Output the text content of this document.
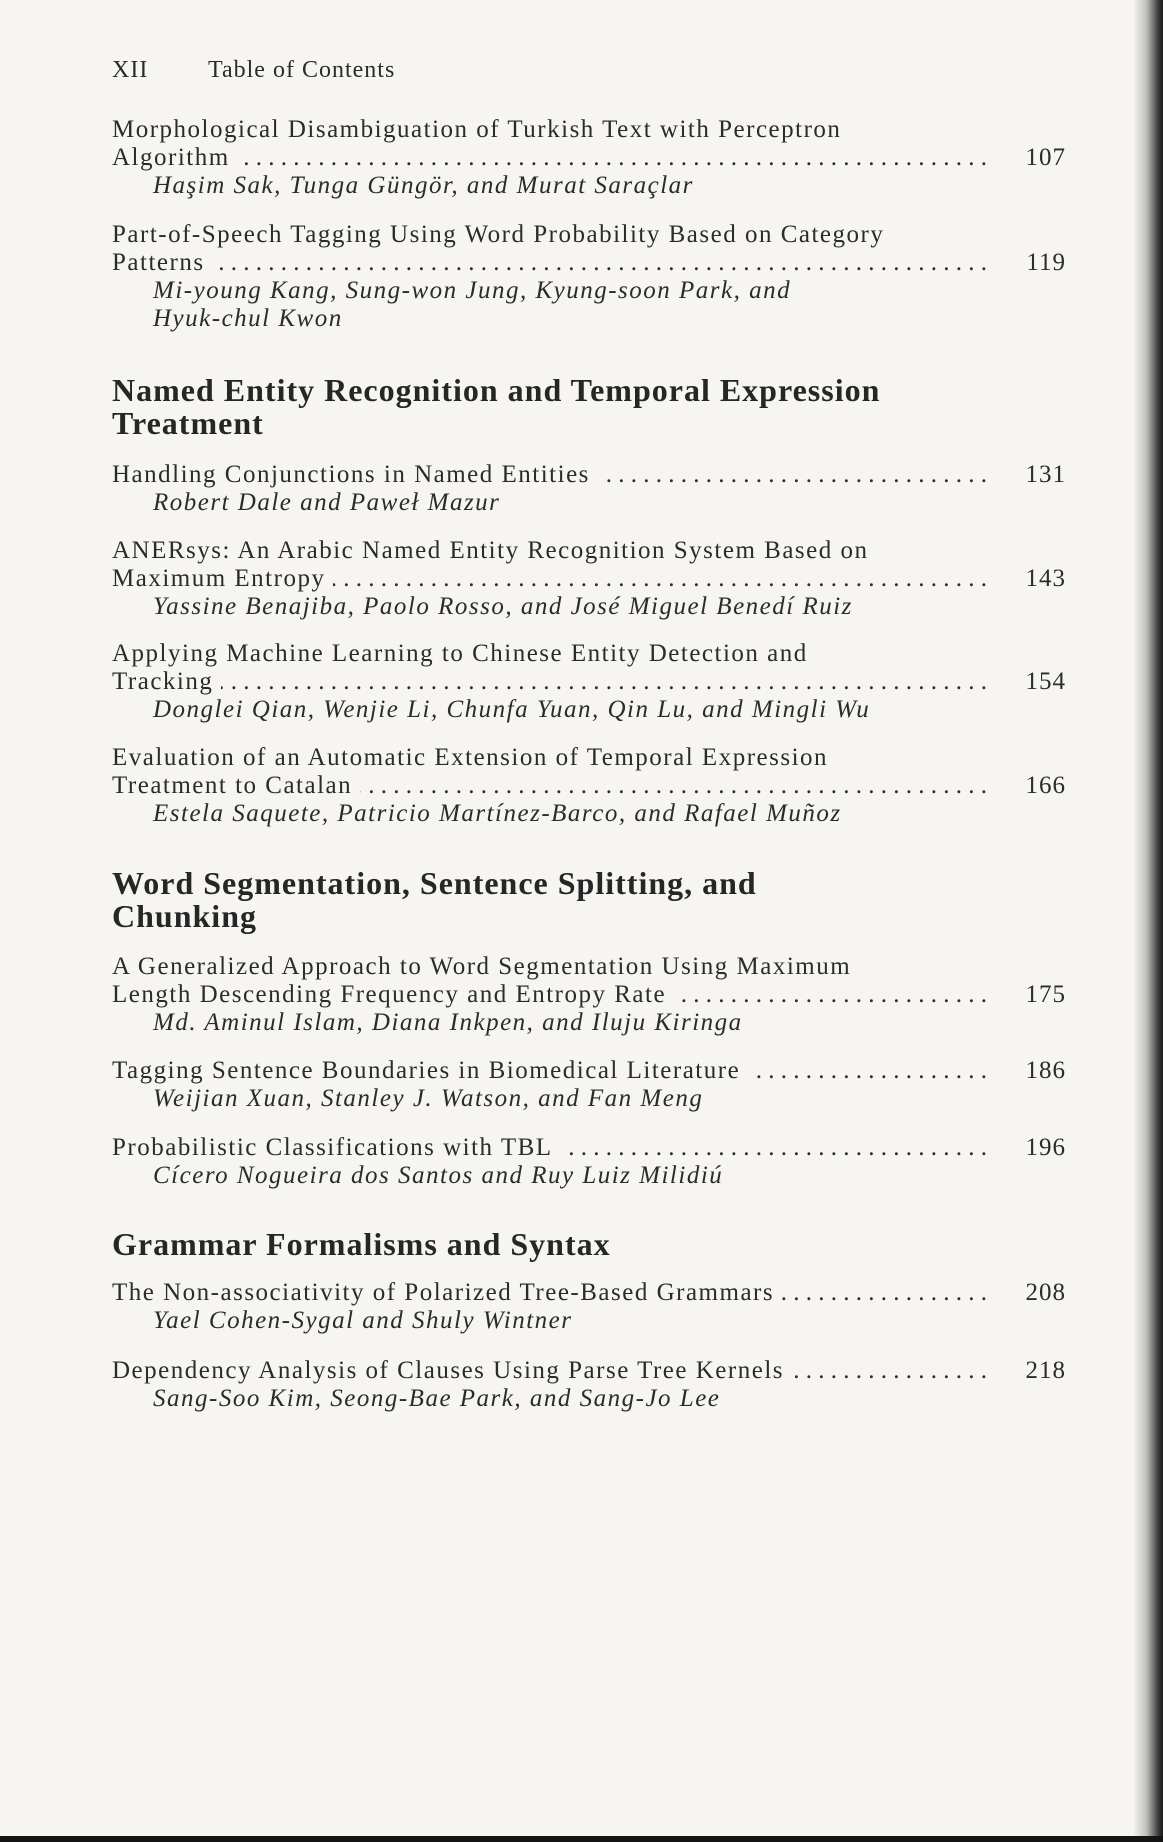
XII Table of Contents
Morphological Disambiguation of Turkish Text with Perceptron
Algorithm . . .	107
Haşim Sak, Tunga Güngör, and Murat Saraçlar
Part-of-Speech Tagging Using Word Probability Based on Category
Patterns . . .	119
Mi-young Kang, Sung-won Jung, Kyung-soon Park, and
Hyuk-chul Kwon
Named Entity Recognition and Temporal Expression
Treatment
Handling Conjunctions in Named Entities . . .	131
Robert Dale and Paweł Mazur
ANERsys: An Arabic Named Entity Recognition System Based on
Maximum Entropy . . .	143
Yassine Benajiba, Paolo Rosso, and José Miguel Benedí Ruiz
Applying Machine Learning to Chinese Entity Detection and
Tracking . . .	154
Donglei Qian, Wenjie Li, Chunfa Yuan, Qin Lu, and Mingli Wu
Evaluation of an Automatic Extension of Temporal Expression
Treatment to Catalan . . .	166
Estela Saquete, Patricio Martínez-Barco, and Rafael Muñoz
Word Segmentation, Sentence Splitting, and
Chunking
A Generalized Approach to Word Segmentation Using Maximum
Length Descending Frequency and Entropy Rate . . .	175
Md. Aminul Islam, Diana Inkpen, and Iluju Kiringa
Tagging Sentence Boundaries in Biomedical Literature . . .	186
Weijian Xuan, Stanley J. Watson, and Fan Meng
Probabilistic Classifications with TBL . . .	196
Cícero Nogueira dos Santos and Ruy Luiz Milidiú
Grammar Formalisms and Syntax
The Non-associativity of Polarized Tree-Based Grammars . . .	208
Yael Cohen-Sygal and Shuly Wintner
Dependency Analysis of Clauses Using Parse Tree Kernels . . .	218
Sang-Soo Kim, Seong-Bae Park, and Sang-Jo Lee
